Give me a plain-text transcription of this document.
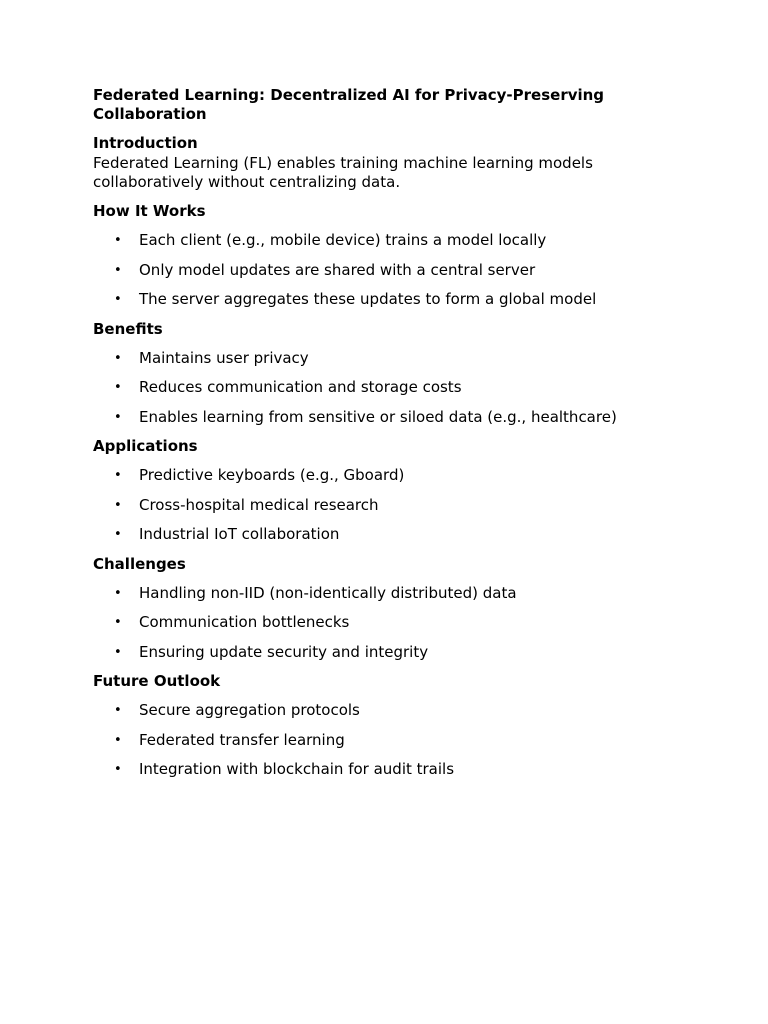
Federated Learning: Decentralized AI for Privacy-Preserving Collaboration
Introduction

Federated Learning (FL) enables training machine learning models collaboratively without centralizing data.

How It Works
• Each client (e.g., mobile device) trains a model locally
• Only model updates are shared with a central server
• The server aggregates these updates to form a global model
Benefits
• Maintains user privacy
• Reduces communication and storage costs
• Enables learning from sensitive or siloed data (e.g., healthcare)
Applications
• Predictive keyboards (e.g., Gboard)
• Cross-hospital medical research
• Industrial IoT collaboration
Challenges
• Handling non-IID (non-identically distributed) data
• Communication bottlenecks
• Ensuring update security and integrity
Future Outlook
• Secure aggregation protocols
• Federated transfer learning
• Integration with blockchain for audit trails
